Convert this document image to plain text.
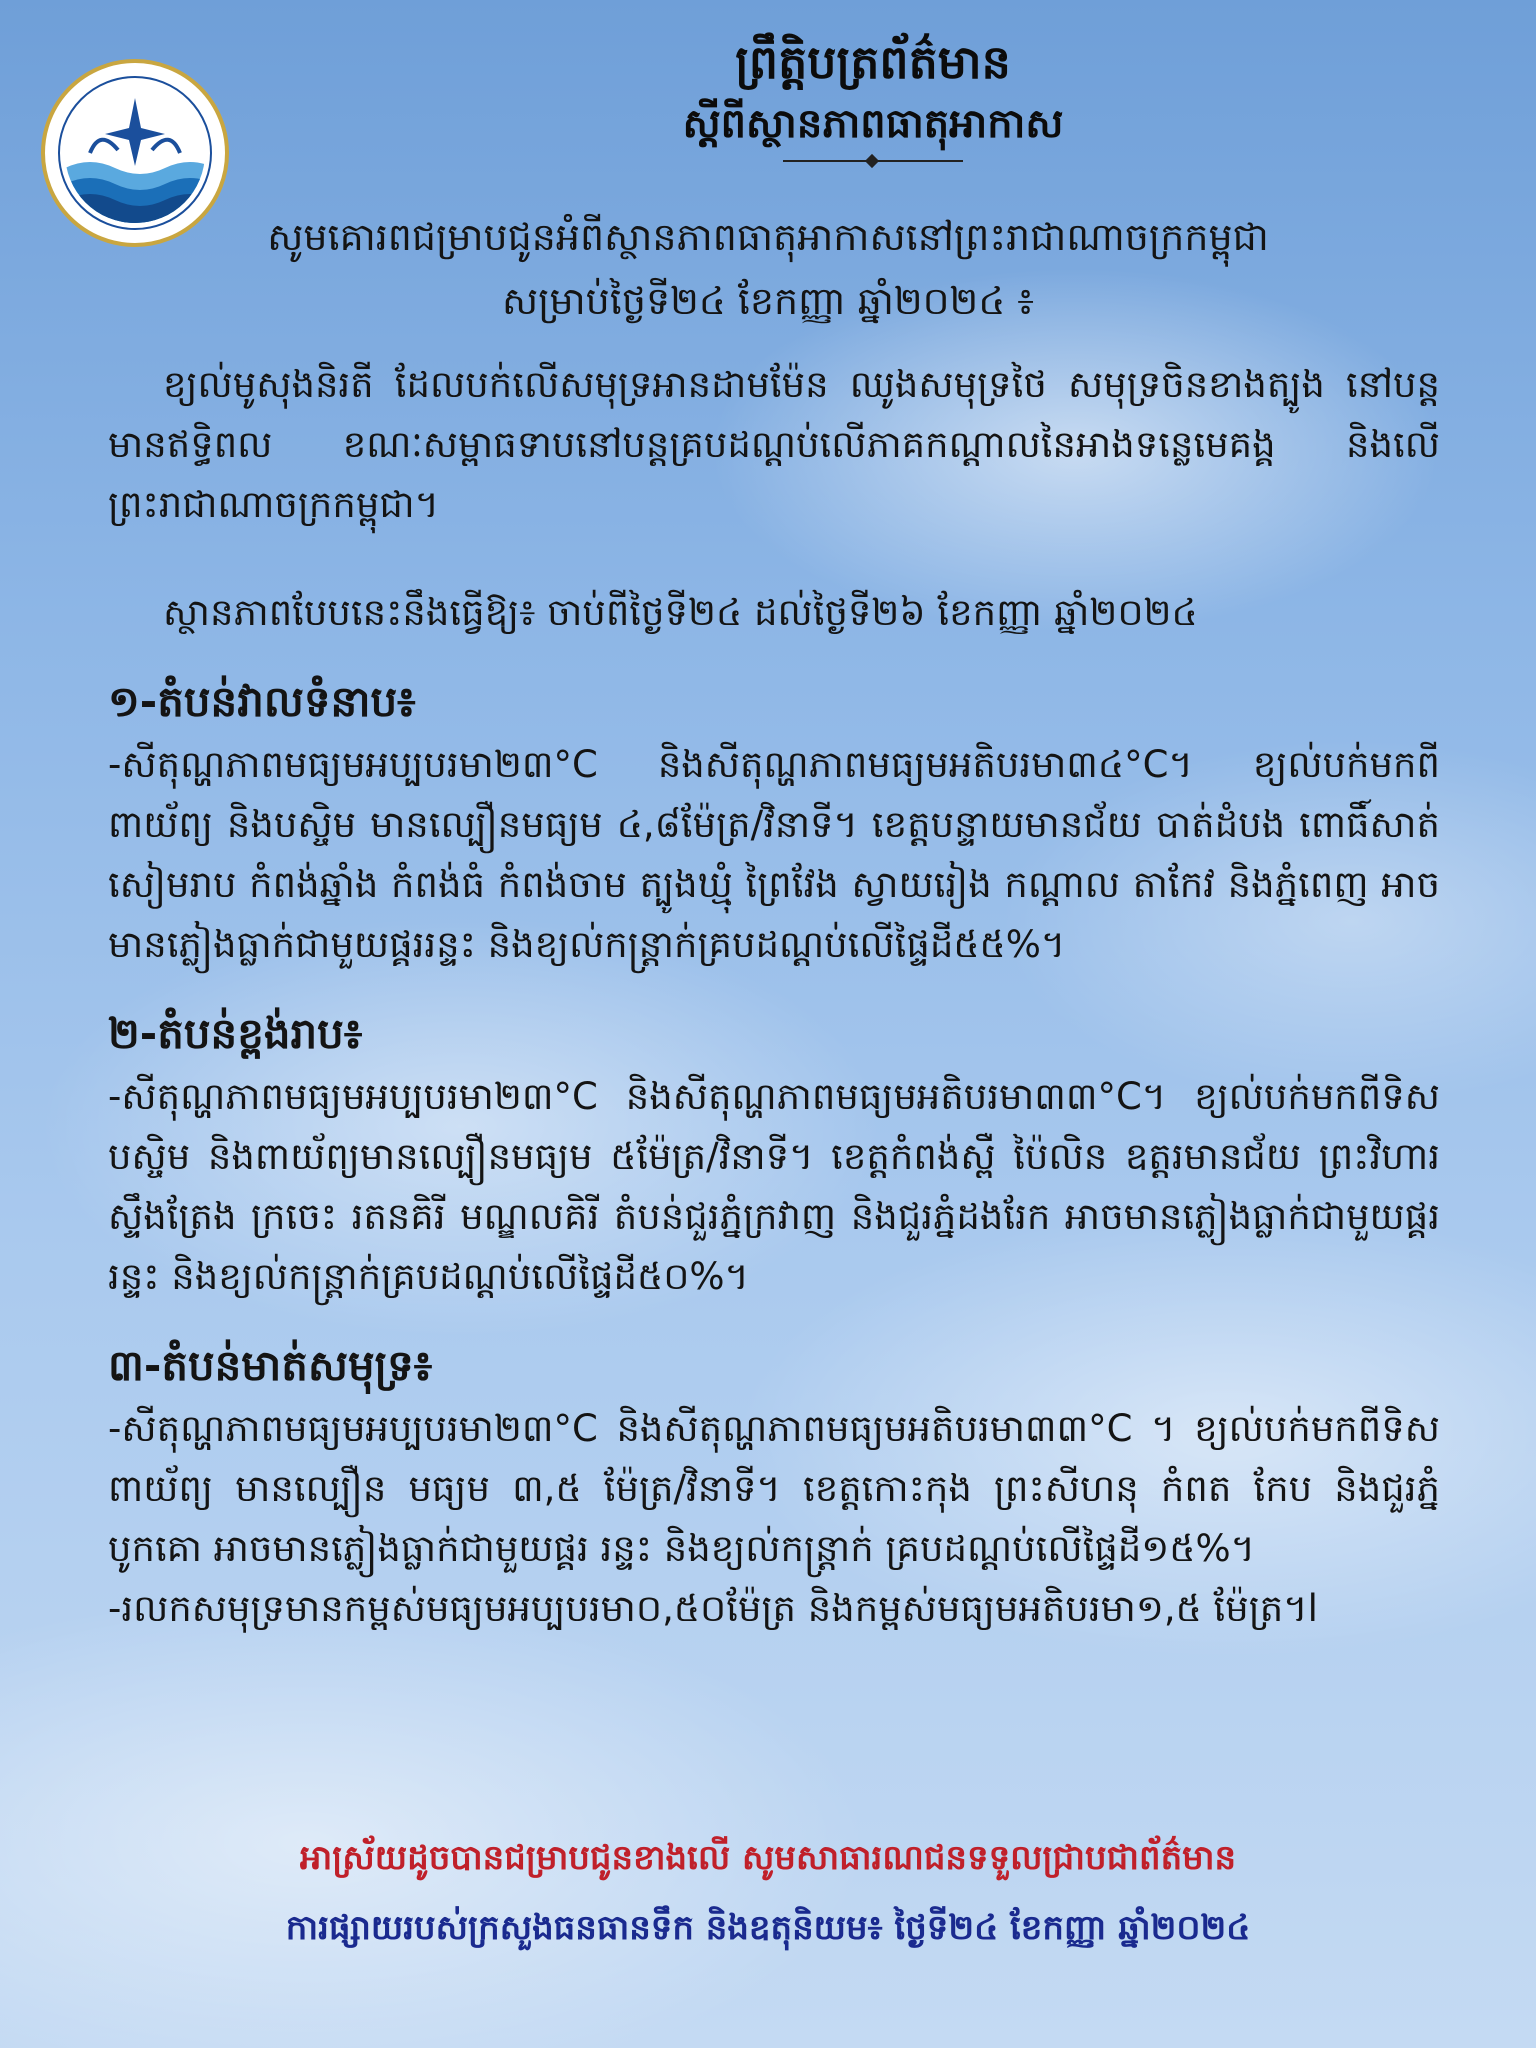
ព្រឹត្តិបត្រព័ត៌មាន
ស្តីពីស្ថានភាពធាតុអាកាស
សូមគោរពជម្រាបជូនអំពីស្ថានភាពធាតុអាកាសនៅព្រះរាជាណាចក្រកម្ពុជា
សម្រាប់ថ្ងៃទី២៤ ខែកញ្ញា ឆ្នាំ២០២៤ ៖

ខ្យល់មូសុងនិរតី ដែលបក់លើសមុទ្រអានដាមម៉ែន ឈូងសមុទ្រថៃ សមុទ្រចិនខាងត្បូង នៅបន្តមានឥទ្ធិពល ខណៈសម្ពាធទាបនៅបន្តគ្របដណ្តប់លើភាគកណ្តាលនៃអាងទន្លេមេគង្គ និងលើព្រះរាជាណាចក្រកម្ពុជា។

ស្ថានភាពបែបនេះនឹងធ្វើឱ្យ៖ ចាប់ពីថ្ងៃទី២៤ ដល់ថ្ងៃទី២៦ ខែកញ្ញា ឆ្នាំ២០២៤

១-តំបន់វាលទំនាប៖

-សីតុណ្ហភាពមធ្យមអប្បបរមា២៣°C និងសីតុណ្ហភាពមធ្យមអតិបរមា៣៤°C។ ខ្យល់បក់មកពី ពាយ័ព្យ និងបស្ចិម មានល្បឿនមធ្យម ៤,៨ម៉ែត្រ/វិនាទី។ ខេត្តបន្ទាយមានជ័យ បាត់ដំបង ពោធិ៍សាត់ សៀមរាប កំពង់ឆ្នាំង កំពង់ធំ កំពង់ចាម ត្បូងឃ្មុំ ព្រៃវែង ស្វាយរៀង កណ្តាល តាកែវ និងភ្នំពេញ អាចមានភ្លៀងធ្លាក់ជាមួយផ្គររន្ទះ និងខ្យល់កន្ត្រាក់គ្របដណ្តប់លើផ្ទៃដី៥៥%។

២-តំបន់ខ្ពង់រាប៖

-សីតុណ្ហភាពមធ្យមអប្បបរមា២៣°C និងសីតុណ្ហភាពមធ្យមអតិបរមា៣៣°C។ ខ្យល់បក់មកពីទិសបស្ចិម និងពាយ័ព្យមានល្បឿនមធ្យម ៥ម៉ែត្រ/វិនាទី។ ខេត្តកំពង់ស្ពឺ ប៉ៃលិន ឧត្តរមានជ័យ ព្រះវិហារ ស្ទឹងត្រែង ក្រចេះ រតនគិរី មណ្ឌលគិរី តំបន់ជួរភ្នំក្រវាញ និងជួរភ្នំដងរែក អាចមានភ្លៀងធ្លាក់ជាមួយផ្គរ រន្ទះ និងខ្យល់កន្ត្រាក់គ្របដណ្តប់លើផ្ទៃដី៥០%។

៣-តំបន់មាត់សមុទ្រ៖

-សីតុណ្ហភាពមធ្យមអប្បបរមា២៣°C និងសីតុណ្ហភាពមធ្យមអតិបរមា៣៣°C ។ ខ្យល់បក់មកពីទិសពាយ័ព្យ មានល្បឿន មធ្យម ៣,៥ ម៉ែត្រ/វិនាទី។ ខេត្តកោះកុង ព្រះសីហនុ កំពត កែប និងជួរភ្នំបូកគោ អាចមានភ្លៀងធ្លាក់ជាមួយផ្គរ រន្ទះ និងខ្យល់កន្ត្រាក់ គ្របដណ្តប់លើផ្ទៃដី១៥%។

-រលកសមុទ្រមានកម្ពស់មធ្យមអប្បបរមា០,៥០ម៉ែត្រ និងកម្ពស់មធ្យមអតិបរមា១,៥ ម៉ែត្រ។l

អាស្រ័យដូចបានជម្រាបជូនខាងលើ សូមសាធារណជនទទួលជ្រាបជាព័ត៌មាន
ការផ្សាយរបស់ក្រសួងធនធានទឹក និងឧតុនិយម៖ ថ្ងៃទី២៤ ខែកញ្ញា ឆ្នាំ២០២៤
